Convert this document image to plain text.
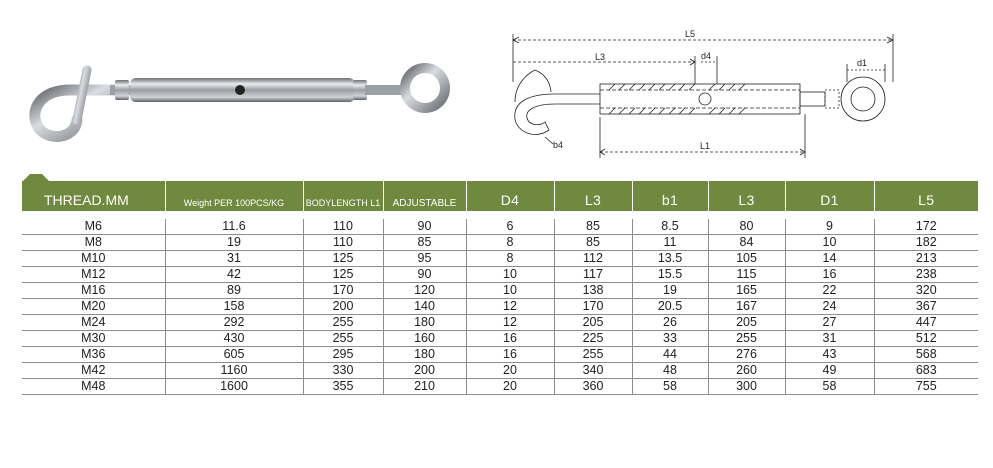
L5
L3	d4
d1
b4	L1
THREAD.MM	Weight PER 100PCS/KG	BODYLENGTH L1	ADJUSTABLE	D4	L3	b1	L3	D1	L5

M6	11.6	110	90	6	85	8.5	80	9	172
M8	19	110	85	8	85	11	84	10	182
M10	31	125	95	8	112	13.5	105	14	213
M12	42	125	90	10	117	15.5	115	16	238
M16	89	170	120	10	138	19	165	22	320
M20	158	200	140	12	170	20.5	167	24	367
M24	292	255	180	12	205	26	205	27	447
M30	430	255	160	16	225	33	255	31	512
M36	605	295	180	16	255	44	276	43	568
M42	1160	330	200	20	340	48	260	49	683
M48	1600	355	210	20	360	58	300	58	755
